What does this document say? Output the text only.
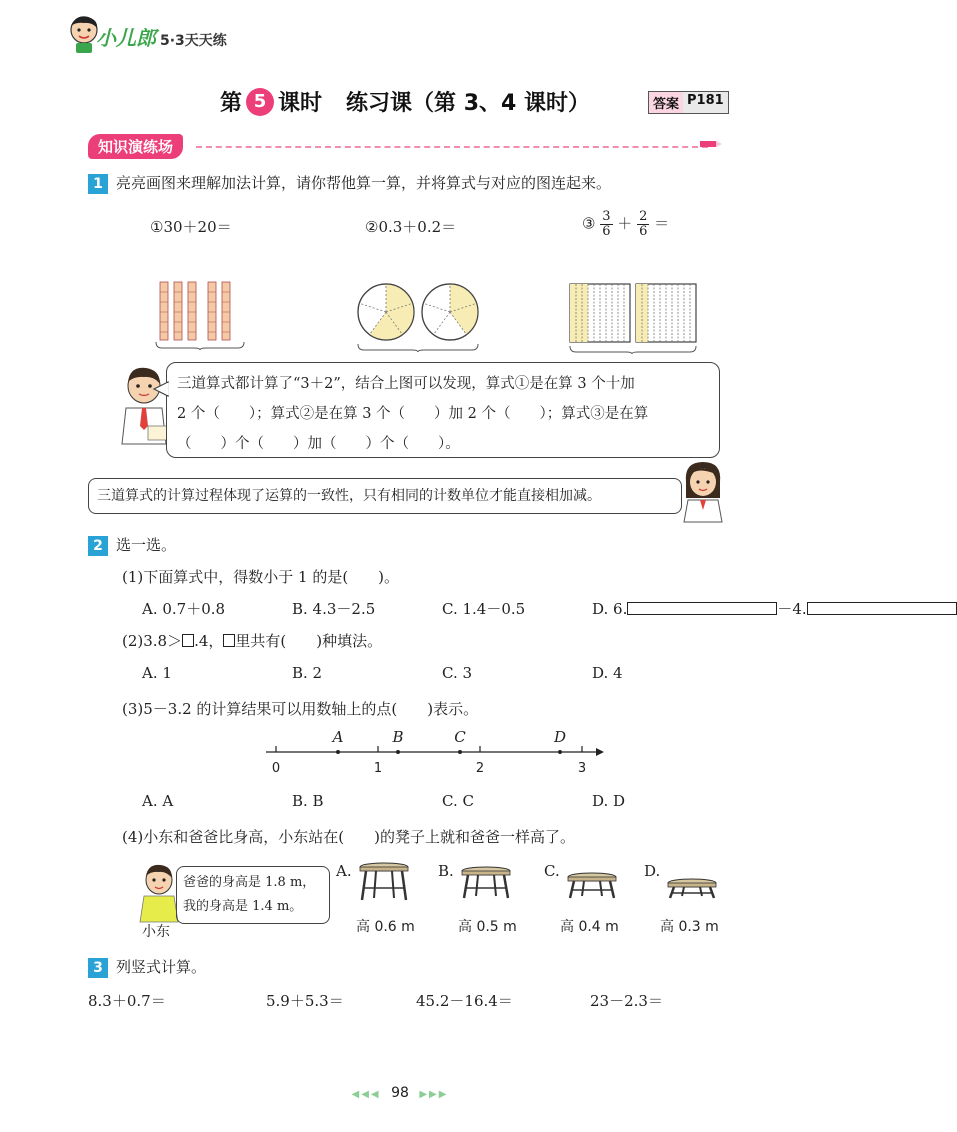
小儿郎 5·3天天练
第 5 课时 练习课（第 3、4 课时）	答案 P181
知识演练场
1 亮亮画图来理解加法计算，请你帮他算一算，并将算式与对应的图连起来。
①30＋20＝	②0.3＋0.2＝	③ $\frac{3}{6} + \frac{2}{6}$ ＝
三道算式都计算了“3＋2”，结合上图可以发现，算式①是在算 3 个十加
2 个（　　）；算式②是在算 3 个（　　）加 2 个（　　）；算式③是在算
（　　）个（　　）加（　　）个（　　）。
三道算式的计算过程体现了运算的一致性，只有相同的计数单位才能直接相加减。
2 选一选。
(1)下面算式中，得数小于 1 的是(　　)。
A. 0.7＋0.8	B. 4.3－2.5	C. 1.4－0.5	D. 6.	－4.
(2)3.8＞ .4， 里共有(　　)种填法。
A. 1	B. 2	C. 3	D. 4
(3)5－3.2 的计算结果可以用数轴上的点(　　)表示。
A	B	C	D
0	1	2	3
A. A	B. B	C. C	D. D
(4)小东和爸爸比身高，小东站在(　　)的凳子上就和爸爸一样高了。
小东
爸爸的身高是 1.8 m，
我的身高是 1.4 m。
A.
高 0.6 m
B.
高 0.5 m
C.
高 0.4 m
D.
高 0.3 m
3 列竖式计算。
8.3＋0.7＝	5.9＋5.3＝	45.2－16.4＝	23－2.3＝
◀◀◀ 98 ▶▶▶
